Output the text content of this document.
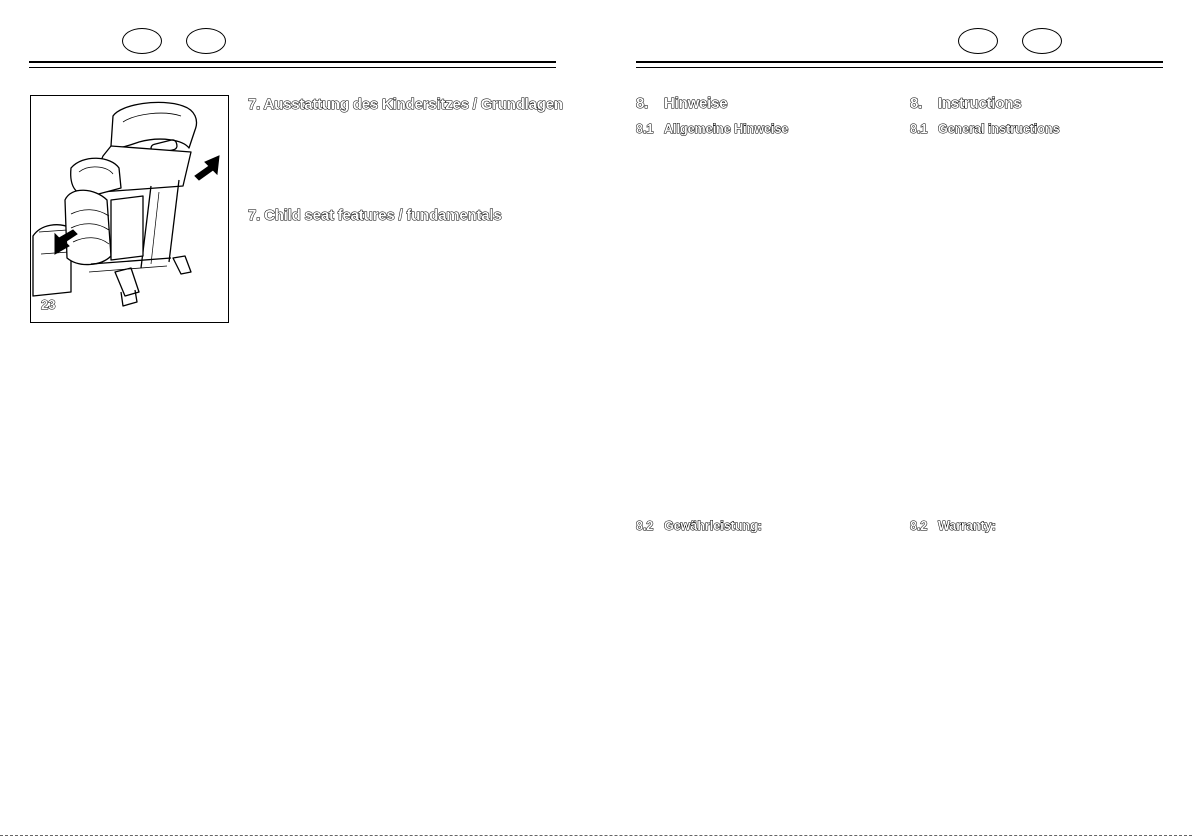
23
7. Ausstattung des Kindersitzes / Grundlagen
7. Child seat features / fundamentals
8. Hinweise
8.1 Allgemeine Hinweise
8.2 Gewährleistung:
8. Instructions
8.1 General instructions
8.2 Warranty:
